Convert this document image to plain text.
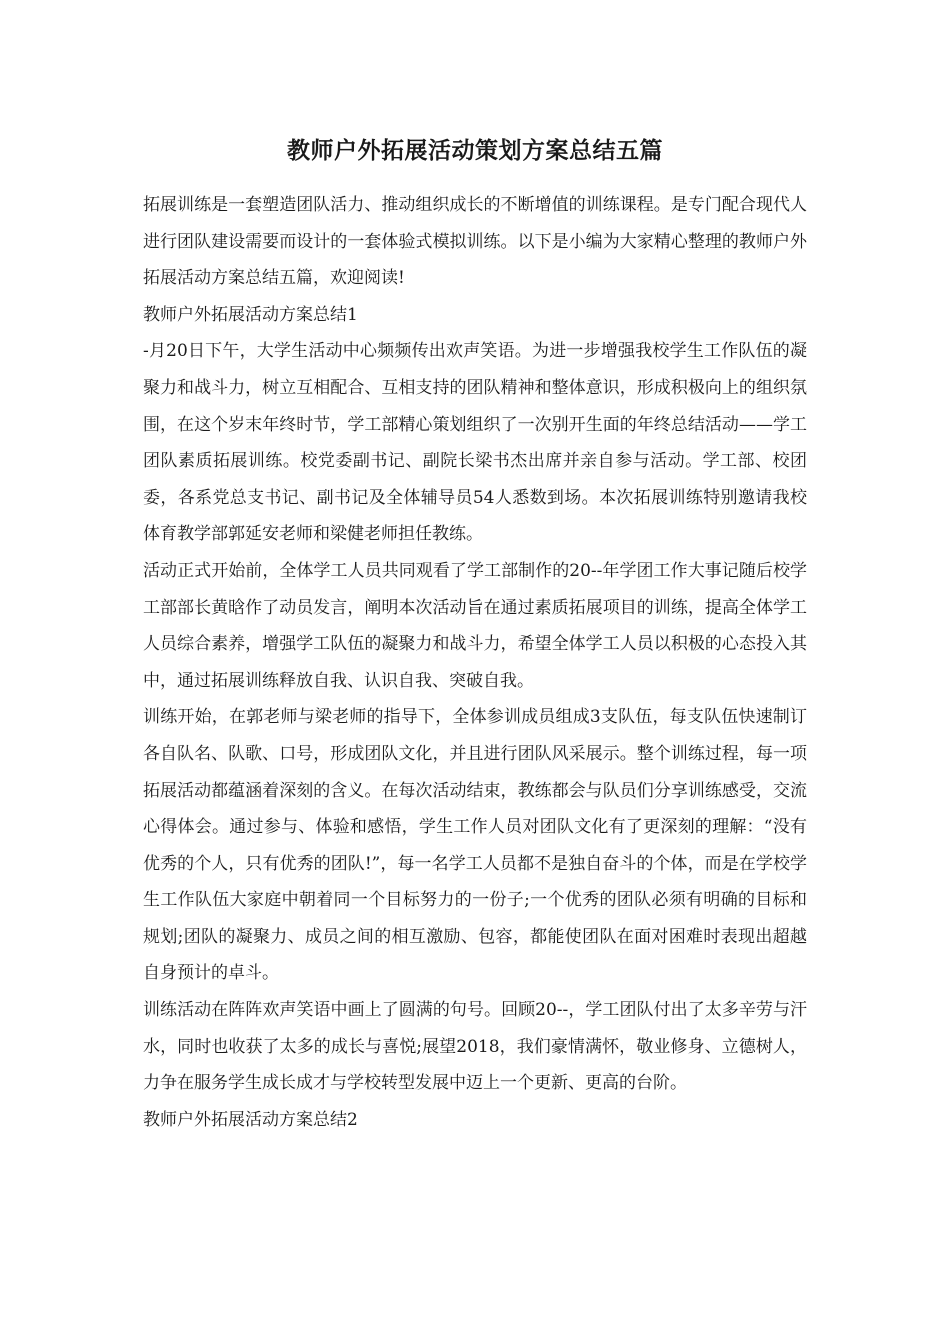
教师户外拓展活动策划方案总结五篇

拓展训练是一套塑造团队活力、推动组织成长的不断增值的训练课程。是专门配合现代人进行团队建设需要而设计的一套体验式模拟训练。以下是小编为大家精心整理的教师户外拓展活动方案总结五篇，欢迎阅读!

教师户外拓展活动方案总结1

-月20日下午，大学生活动中心频频传出欢声笑语。为进一步增强我校学生工作队伍的凝聚力和战斗力，树立互相配合、互相支持的团队精神和整体意识，形成积极向上的组织氛围，在这个岁末年终时节，学工部精心策划组织了一次别开生面的年终总结活动——学工团队素质拓展训练。校党委副书记、副院长梁书杰出席并亲自参与活动。学工部、校团委，各系党总支书记、副书记及全体辅导员54人悉数到场。本次拓展训练特别邀请我校体育教学部郭延安老师和梁健老师担任教练。

活动正式开始前，全体学工人员共同观看了学工部制作的20--年学团工作大事记随后校学工部部长黄晗作了动员发言，阐明本次活动旨在通过素质拓展项目的训练，提高全体学工人员综合素养，增强学工队伍的凝聚力和战斗力，希望全体学工人员以积极的心态投入其中，通过拓展训练释放自我、认识自我、突破自我。

训练开始，在郭老师与梁老师的指导下，全体参训成员组成3支队伍，每支队伍快速制订各自队名、队歌、口号，形成团队文化，并且进行团队风采展示。整个训练过程，每一项拓展活动都蕴涵着深刻的含义。在每次活动结束，教练都会与队员们分享训练感受，交流心得体会。通过参与、体验和感悟，学生工作人员对团队文化有了更深刻的理解：“没有优秀的个人，只有优秀的团队!”，每一名学工人员都不是独自奋斗的个体，而是在学校学生工作队伍大家庭中朝着同一个目标努力的一份子;一个优秀的团队必须有明确的目标和规划;团队的凝聚力、成员之间的相互激励、包容，都能使团队在面对困难时表现出超越自身预计的卓斗。

训练活动在阵阵欢声笑语中画上了圆满的句号。回顾20--，学工团队付出了太多辛劳与汗水，同时也收获了太多的成长与喜悦;展望2018，我们豪情满怀，敬业修身、立德树人，力争在服务学生成长成才与学校转型发展中迈上一个更新、更高的台阶。

教师户外拓展活动方案总结2
